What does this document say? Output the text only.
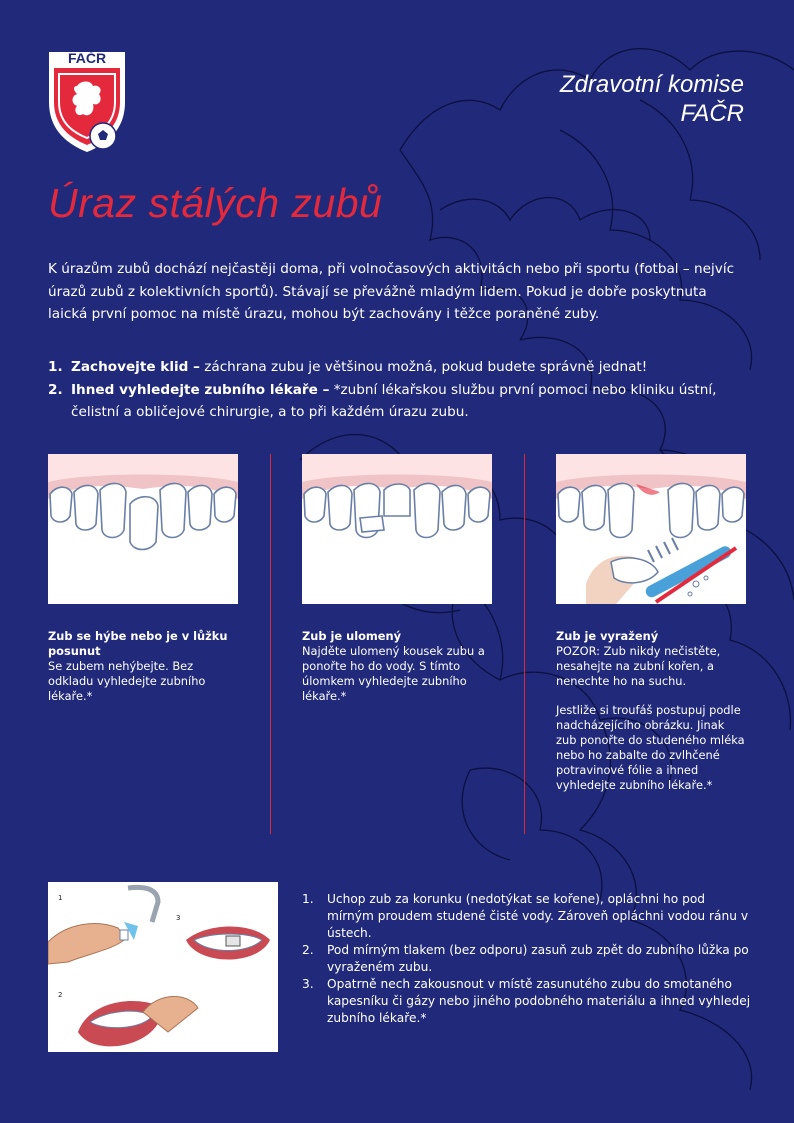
FAČR
Zdravotní komise
FAČR
Úraz stálých zubů

K úrazům zubů dochází nejčastěji doma, při volnočasových aktivitách nebo při sportu (fotbal – nejvíc úrazů zubů z kolektivních sportů). Stávají se převážně mladým lidem. Pokud je dobře poskytnuta laická první pomoc na místě úrazu, mohou být zachovány i těžce poraněné zuby.

1. Zachovejte klid – záchrana zubu je většinou možná, pokud budete správně jednat!
2. Ihned vyhledejte zubního lékaře – *zubní lékařskou službu první pomoci nebo kliniku ústní, čelistní a obličejové chirurgie, a to při každém úrazu zubu.
Zub se hýbe nebo je v lůžku posunut

Se zubem nehýbejte. Bez odkladu vyhledejte zubního lékaře.*

Zub je ulomený

Najděte ulomený kousek zubu a ponořte ho do vody. S tímto úlomkem vyhledejte zubního lékaře.*

Zub je vyražený

POZOR: Zub nikdy nečistěte, nesahejte na zubní kořen, a nenechte ho na suchu.

Jestliže si troufáš postupuj podle nadcházejícího obrázku. Jinak zub ponořte do studeného mléka nebo ho zabalte do zvlhčené potravinové fólie a ihned vyhledejte zubního lékaře.*

1
2
3
1. Uchop zub za korunku (nedotýkat se kořene), opláchni ho pod mírným proudem studené čisté vody. Zároveň opláchni vodou ránu v ústech.
2. Pod mírným tlakem (bez odporu) zasuň zub zpět do zubního lůžka po vyraženém zubu.
3. Opatrně nech zakousnout v místě zasunutého zubu do smotaného kapesníku či gázy nebo jiného podobného materiálu a ihned vyhledej zubního lékaře.*
